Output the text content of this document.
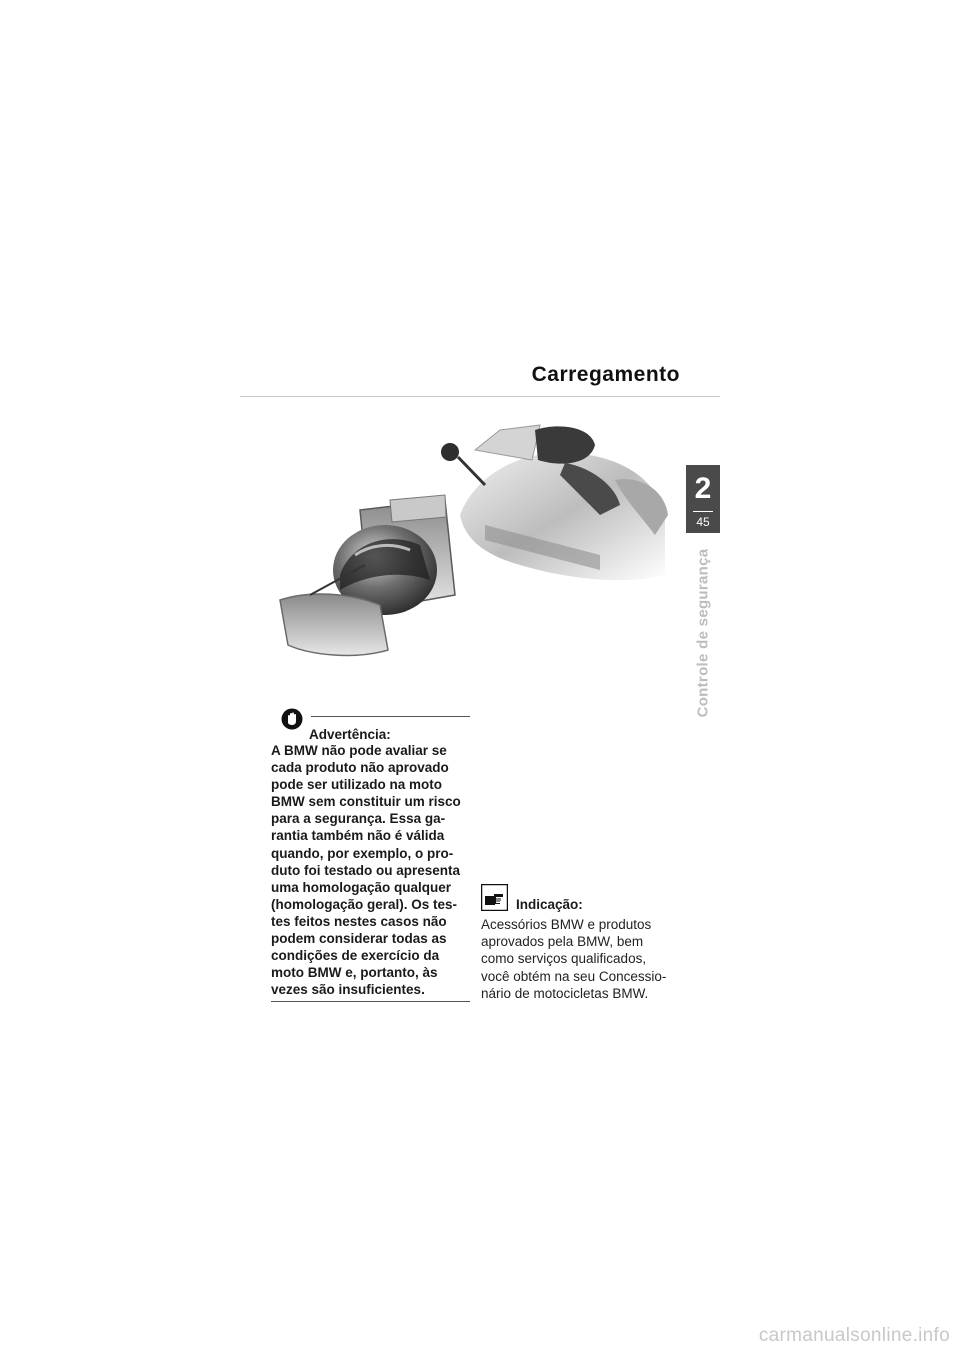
Carregamento
2
45
Controle de segurança
Advertência:
A BMW não pode avaliar se
cada produto não aprovado
pode ser utilizado na moto
BMW sem constituir um risco
para a segurança. Essa ga-
rantia também não é válida
quando, por exemplo, o pro-
duto foi testado ou apresenta
uma homologação qualquer
(homologação geral). Os tes-
tes feitos nestes casos não
podem considerar todas as
condições de exercício da
moto BMW e, portanto, às
vezes são insuficientes.
Indicação:
Acessórios BMW e produtos
aprovados pela BMW, bem
como serviços qualificados,
você obtém na seu Concessio-
nário de motocicletas BMW.
carmanualsonline.info
